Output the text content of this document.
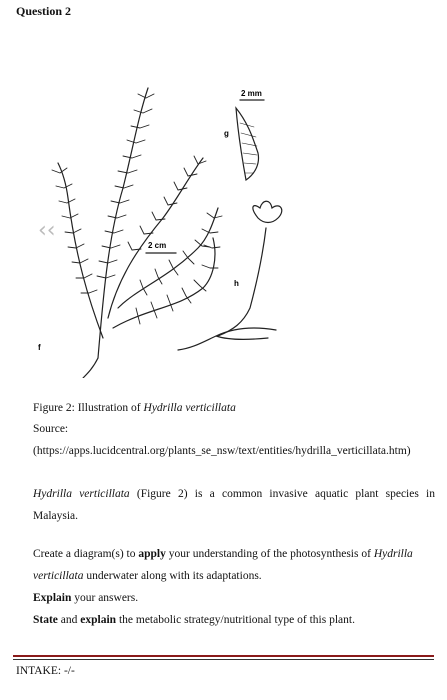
Question 2
‹‹
2 cm
2 mm
g
h
f
Figure 2: Illustration of Hydrilla verticillata
Source:
(https://apps.lucidcentral.org/plants_se_nsw/text/entities/hydrilla_verticillata.htm)
Hydrilla verticillata (Figure 2) is a common invasive aquatic plant species in Malaysia.
Create a diagram(s) to apply your understanding of the photosynthesis of Hydrilla verticillata underwater along with its adaptations.
Explain your answers.
State and explain the metabolic strategy/nutritional type of this plant.
INTAKE: -/-
